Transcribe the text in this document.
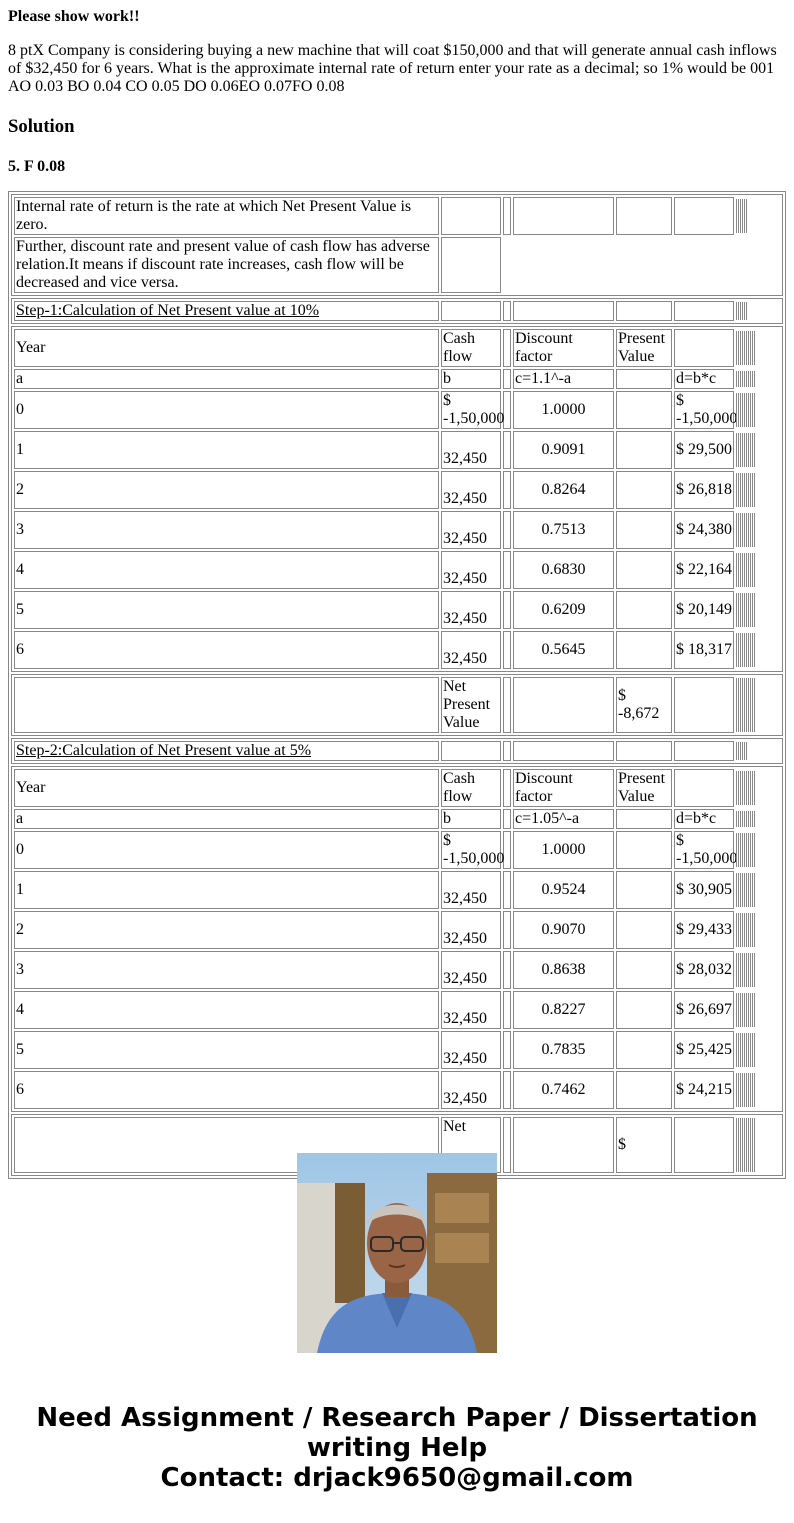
Please show work!!
8 ptX Company is considering buying a new machine that will coat $150,000 and that will generate annual cash inflows of $32,450 for 6 years. What is the approximate internal rate of return enter your rate as a decimal; so 1% would be 001 AO 0.03 BO 0.04 CO 0.05 DO 0.06EO 0.07FO 0.08
Solution
5. F 0.08
Internal rate of return is the rate at which Net Present Value is zero.						
Further, discount rate and present value of cash flow has adverse relation.It means if discount rate increases, cash flow will be decreased and vice versa.		

Step-1:Calculation of Net Present value at 10%						

Year	Cash flow		Discount factor	Present Value		
a	b		c=1.1^-a		d=b*c	
0	$ -1,50,000		1.0000		$ -1,50,000	
1	32,450		0.9091		$ 29,500	
2	32,450		0.8264		$ 26,818	
3	32,450		0.7513		$ 24,380	
4	32,450		0.6830		$ 22,164	
5	32,450		0.6209		$ 20,149	
6	32,450		0.5645		$ 18,317	

	Net Present Value			$ -8,672		

Step-2:Calculation of Net Present value at 5%						

Year	Cash flow		Discount factor	Present Value		
a	b		c=1.05^-a		d=b*c	
0	$ -1,50,000		1.0000		$ -1,50,000	
1	32,450		0.9524		$ 30,905	
2	32,450		0.9070		$ 29,433	
3	32,450		0.8638		$ 28,032	
4	32,450		0.8227		$ 26,697	
5	32,450		0.7835		$ 25,425	
6	32,450		0.7462		$ 24,215	

	Net			$		
Need Assignment / Research Paper / Dissertation
writing Help
Contact: drjack9650@gmail.com
